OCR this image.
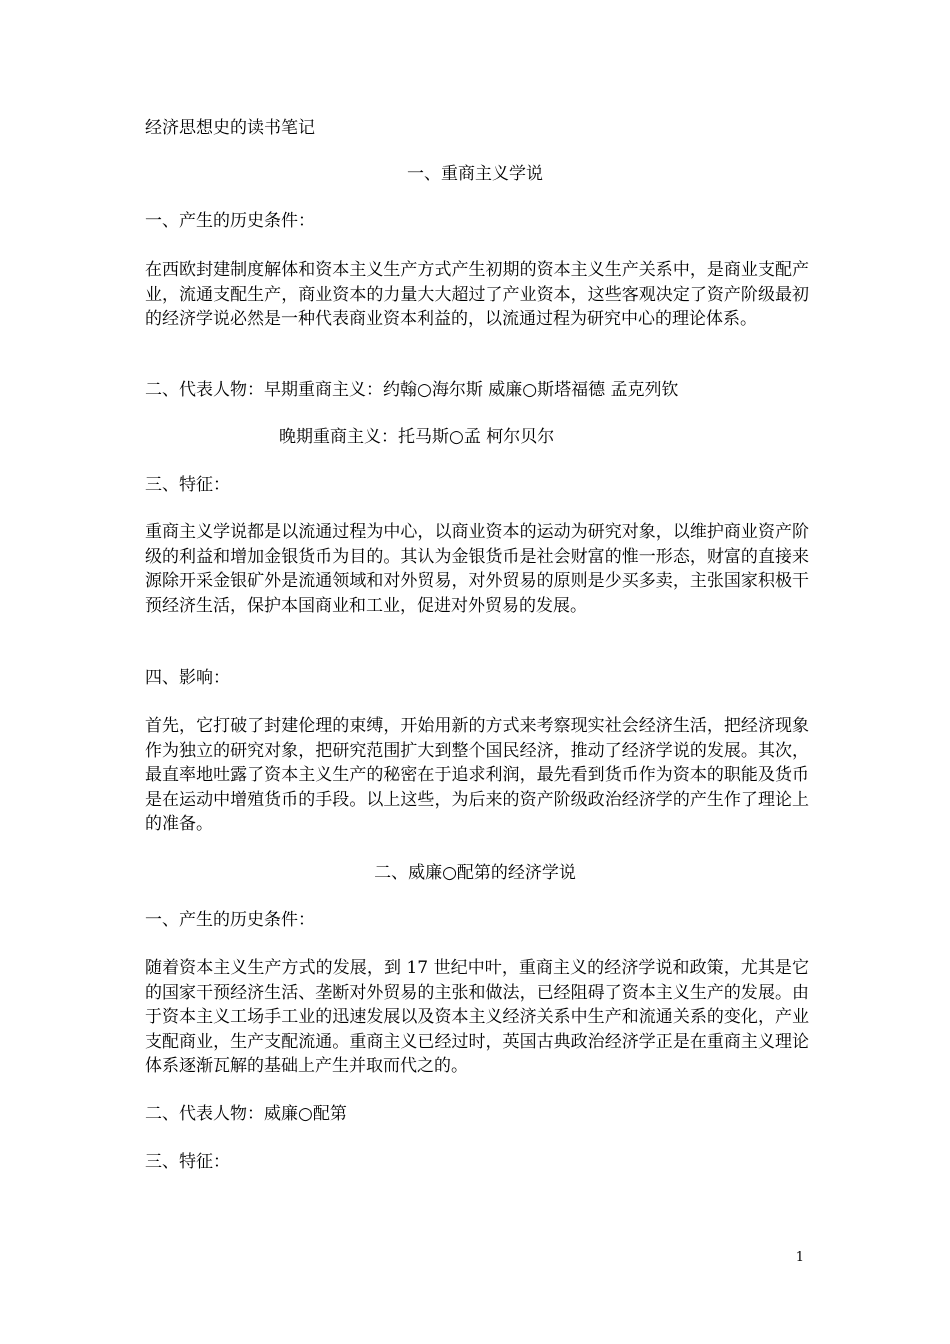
经济思想史的读书笔记

一、重商主义学说

一、产生的历史条件：

在西欧封建制度解体和资本主义生产方式产生初期的资本主义生产关系中，是商业支配产业，流通支配生产，商业资本的力量大大超过了产业资本，这些客观决定了资产阶级最初的经济学说必然是一种代表商业资本利益的，以流通过程为研究中心的理论体系。

二、代表人物：早期重商主义：约翰○海尔斯 威廉○斯塔福德 孟克列钦

晚期重商主义：托马斯○孟 柯尔贝尔

三、特征：

重商主义学说都是以流通过程为中心，以商业资本的运动为研究对象，以维护商业资产阶级的利益和增加金银货币为目的。其认为金银货币是社会财富的惟一形态，财富的直接来源除开采金银矿外是流通领域和对外贸易，对外贸易的原则是少买多卖，主张国家积极干预经济生活，保护本国商业和工业，促进对外贸易的发展。

四、影响：

首先，它打破了封建伦理的束缚，开始用新的方式来考察现实社会经济生活，把经济现象作为独立的研究对象，把研究范围扩大到整个国民经济，推动了经济学说的发展。其次，最直率地吐露了资本主义生产的秘密在于追求利润，最先看到货币作为资本的职能及货币是在运动中增殖货币的手段。以上这些，为后来的资产阶级政治经济学的产生作了理论上的准备。

二、威廉○配第的经济学说

一、产生的历史条件：

随着资本主义生产方式的发展，到 17 世纪中叶，重商主义的经济学说和政策，尤其是它的国家干预经济生活、垄断对外贸易的主张和做法，已经阻碍了资本主义生产的发展。由于资本主义工场手工业的迅速发展以及资本主义经济关系中生产和流通关系的变化，产业支配商业，生产支配流通。重商主义已经过时，英国古典政治经济学正是在重商主义理论体系逐渐瓦解的基础上产生并取而代之的。

二、代表人物：威廉○配第

三、特征：

1
